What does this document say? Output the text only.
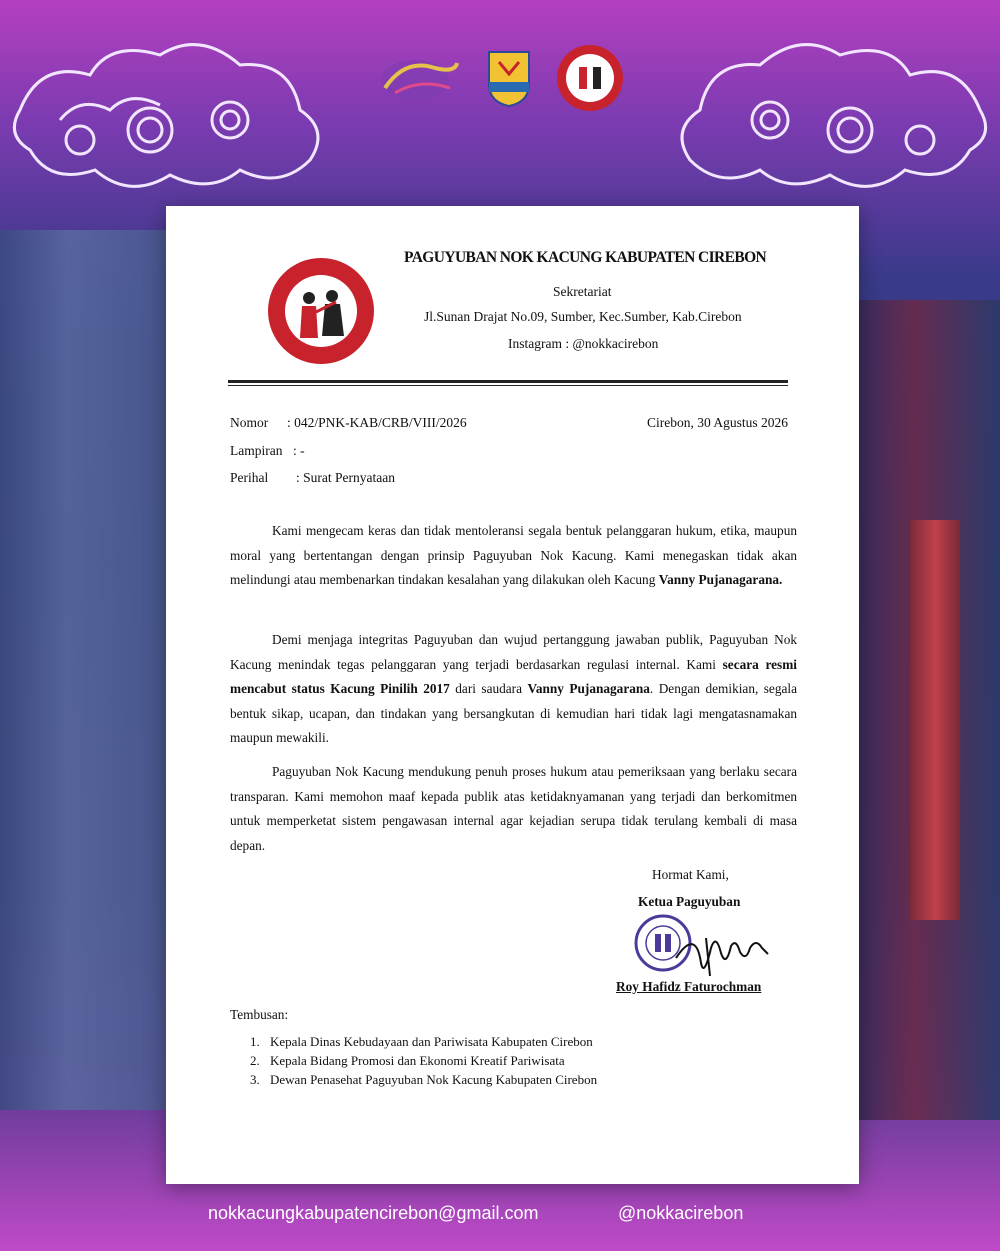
PAGUYUBAN NOK KACUNG KABUPATEN CIREBON
Sekretariat
Jl.Sunan Drajat No.09, Sumber, Kec.Sumber, Kab.Cirebon
Instagram : @nokkacirebon
Nomor : 042/PNK-KAB/CRB/VIII/2026	Cirebon, 30 Agustus 2026
Lampiran : -
Perihal : Surat Pernyataan

Kami mengecam keras dan tidak mentoleransi segala bentuk pelanggaran hukum, etika, maupun moral yang bertentangan dengan prinsip Paguyuban Nok Kacung. Kami menegaskan tidak akan melindungi atau membenarkan tindakan kesalahan yang dilakukan oleh Kacung Vanny Pujanagarana.

Demi menjaga integritas Paguyuban dan wujud pertanggung jawaban publik, Paguyuban Nok Kacung menindak tegas pelanggaran yang terjadi berdasarkan regulasi internal. Kami secara resmi mencabut status Kacung Pinilih 2017 dari saudara Vanny Pujanagarana. Dengan demikian, segala bentuk sikap, ucapan, dan tindakan yang bersangkutan di kemudian hari tidak lagi mengatasnamakan maupun mewakili.

Paguyuban Nok Kacung mendukung penuh proses hukum atau pemeriksaan yang berlaku secara transparan. Kami memohon maaf kepada publik atas ketidaknyamanan yang terjadi dan berkomitmen untuk memperketat sistem pengawasan internal agar kejadian serupa tidak terulang kembali di masa depan.

Hormat Kami,
Ketua Paguyuban
Roy Hafidz Faturochman
Tembusan:
1. Kepala Dinas Kebudayaan dan Pariwisata Kabupaten Cirebon
2. Kepala Bidang Promosi dan Ekonomi Kreatif Pariwisata
3. Dewan Penasehat Paguyuban Nok Kacung Kabupaten Cirebon
nokkacungkabupatencirebon@gmail.com	@nokkacirebon
